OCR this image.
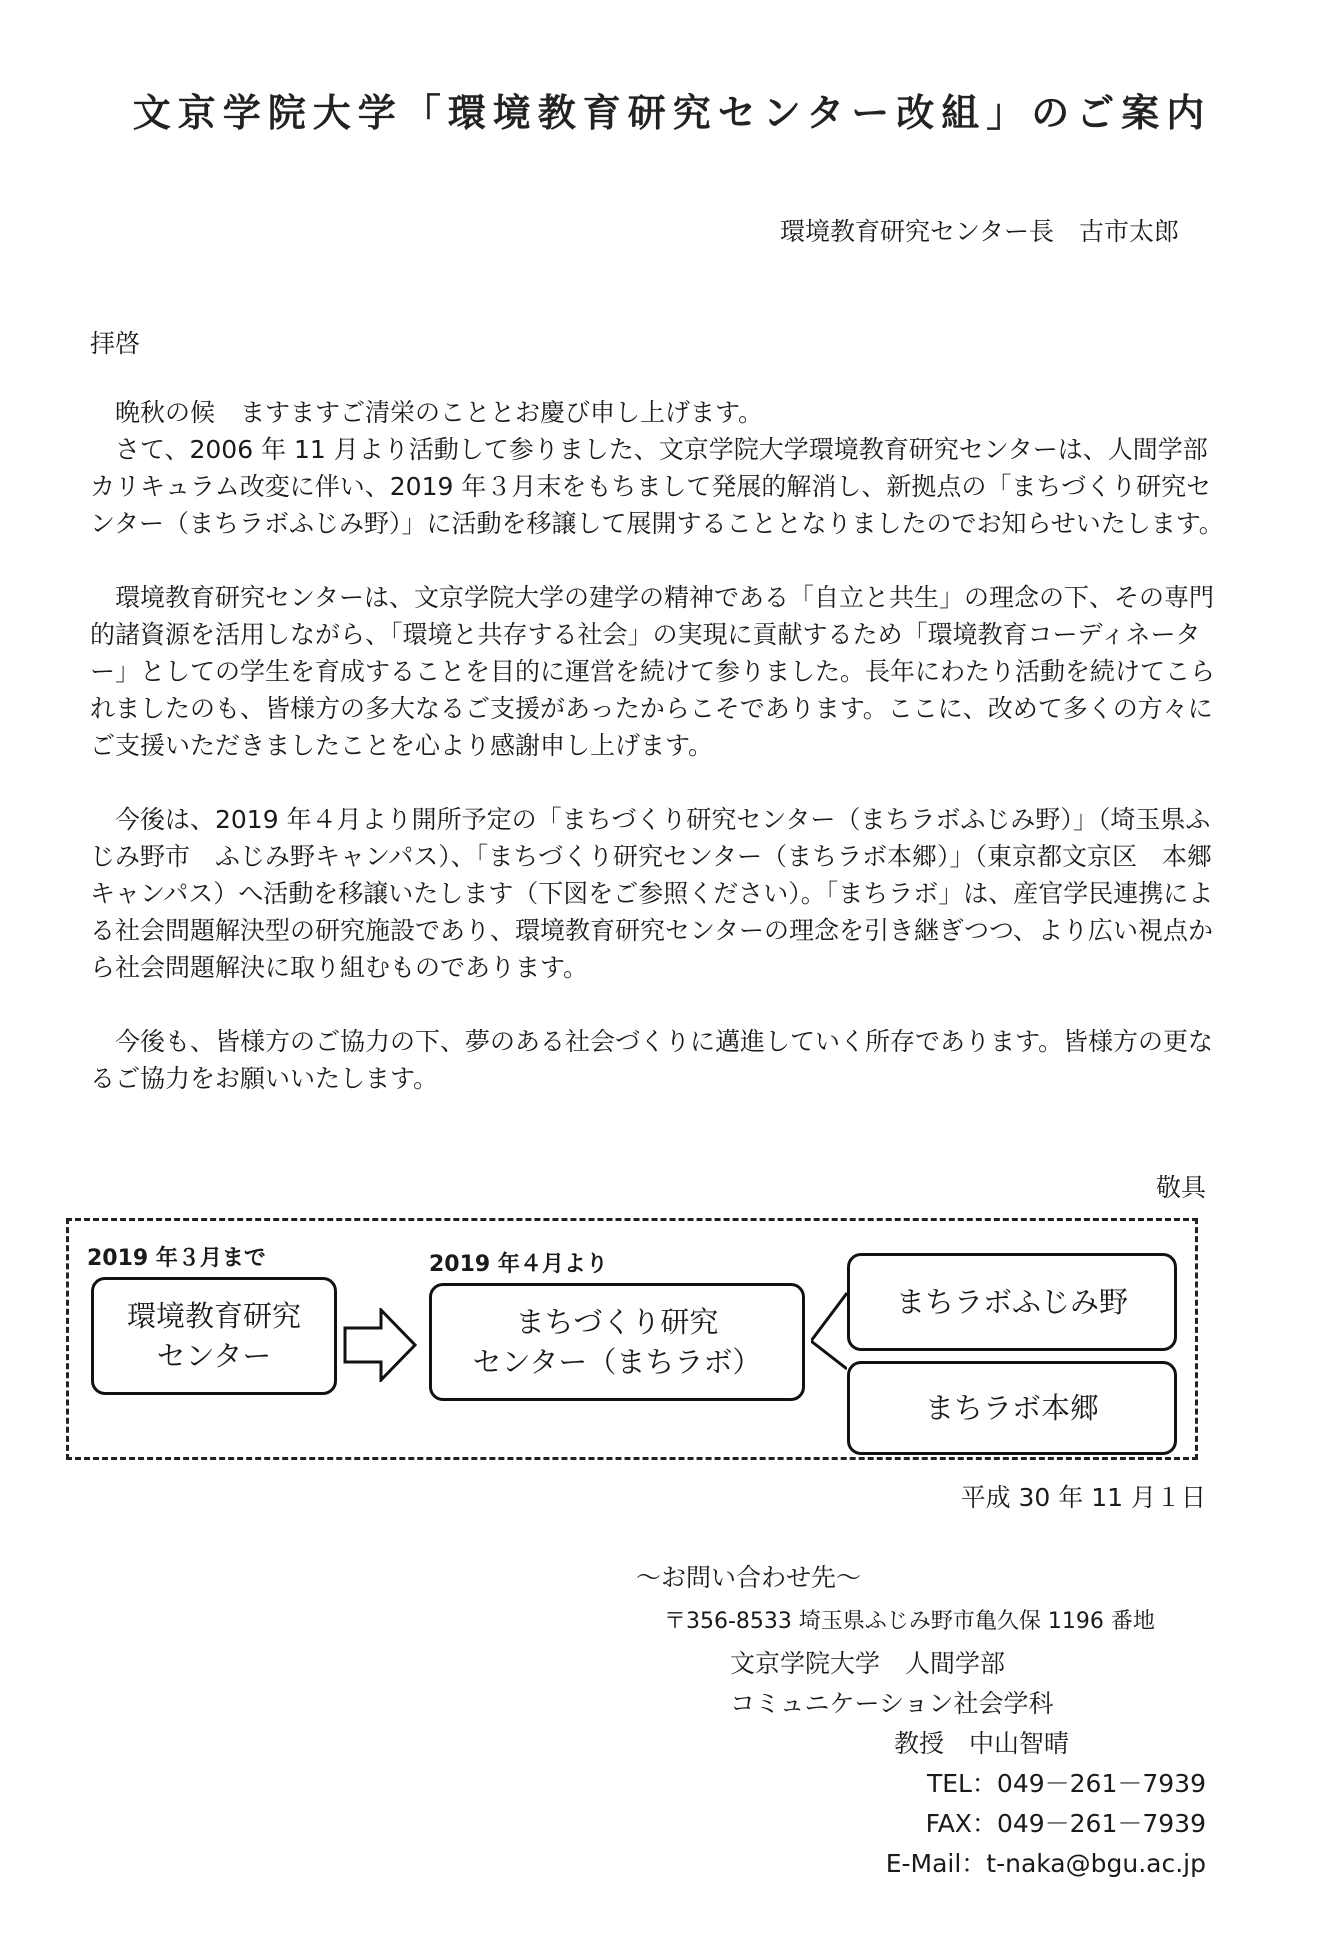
文京学院大学「環境教育研究センター改組」のご案内
環境教育研究センター長　古市太郎
拝啓

晩秋の候　ますますご清栄のこととお慶び申し上げます。

さて、2006 年 11 月より活動して参りました、文京学院大学環境教育研究センターは、人間学部カリキュラム改変に伴い、2019 年３月末をもちまして発展的解消し、新拠点の「まちづくり研究センター（まちラボふじみ野）」に活動を移譲して展開することとなりましたのでお知らせいたします。

環境教育研究センターは、文京学院大学の建学の精神である「自立と共生」の理念の下、その専門的諸資源を活用しながら、「環境と共存する社会」の実現に貢献するため「環境教育コーディネーター」としての学生を育成することを目的に運営を続けて参りました。長年にわたり活動を続けてこられましたのも、皆様方の多大なるご支援があったからこそであります。ここに、改めて多くの方々にご支援いただきましたことを心より感謝申し上げます。

今後は、2019 年４月より開所予定の「まちづくり研究センター（まちラボふじみ野）」（埼玉県ふじみ野市　ふじみ野キャンパス）、「まちづくり研究センター（まちラボ本郷）」（東京都文京区　本郷キャンパス）へ活動を移譲いたします（下図をご参照ください）。「まちラボ」は、産官学民連携による社会問題解決型の研究施設であり、環境教育研究センターの理念を引き継ぎつつ、より広い視点から社会問題解決に取り組むものであります。

今後も、皆様方のご協力の下、夢のある社会づくりに邁進していく所存であります。皆様方の更なるご協力をお願いいたします。

敬具
2019 年３月まで	2019 年４月より
環境教育研究
センター
まちづくり研究
センター（まちラボ）
まちラボふじみ野
まちラボ本郷
平成 30 年 11 月１日
～お問い合わせ先～
〒356-8533 埼玉県ふじみ野市亀久保 1196 番地
文京学院大学　人間学部
コミュニケーション社会学科
教授　中山智晴
TEL：049－261－7939
FAX：049－261－7939
E-Mail：t-naka@bgu.ac.jp
